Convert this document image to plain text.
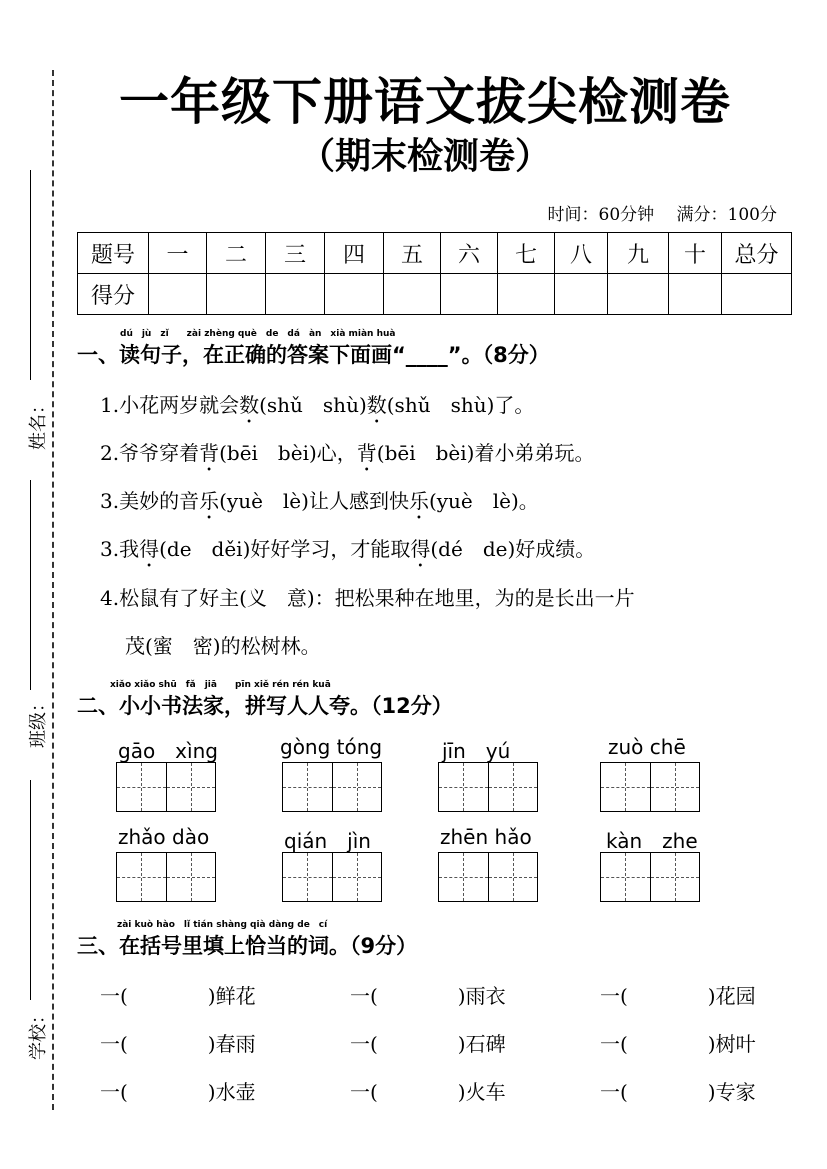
姓名：
班级：
学校：
一年级下册语文拔尖检测卷
（期末检测卷）
时间：60分钟　 满分：100分
题号	一	二	三	四	五	六	七	八	九	十	总分
得分											
dú　jù　zǐ　　zài zhèng què　de　dá　àn　xià miàn huà
一、读句子，在正确的答案下面画“____”。（8分）
1.小花两岁就会数(shǔ　shù)数(shǔ　shù)了。
2.爷爷穿着背(bēi　bèi)心，背(bēi　bèi)着小弟弟玩。
3.美妙的音乐(yuè　lè)让人感到快乐(yuè　lè)。
3.我得(de　děi)好好学习，才能取得(dé　de)好成绩。
4.松鼠有了好主(义　意)：把松果种在地里，为的是长出一片
茂(蜜　密)的松树林。
xiǎo xiǎo shū　fǎ　jiā　　pīn xiě rén rén kuā
二、小小书法家，拼写人人夸。（12分）
gāo　xìng	gòng tóng	jīn　yú	zuò chē
zhǎo dào	qián　jìn	zhēn hǎo	kàn　zhe
zài kuò hào　lǐ tián shàng qià dàng de　cí
三、在括号里填上恰当的词。（9分）
一(　　　　)鲜花	一(　　　　)雨衣	一(　　　　)花园
一(　　　　)春雨	一(　　　　)石碑	一(　　　　)树叶
一(　　　　)水壶	一(　　　　)火车	一(　　　　)专家
